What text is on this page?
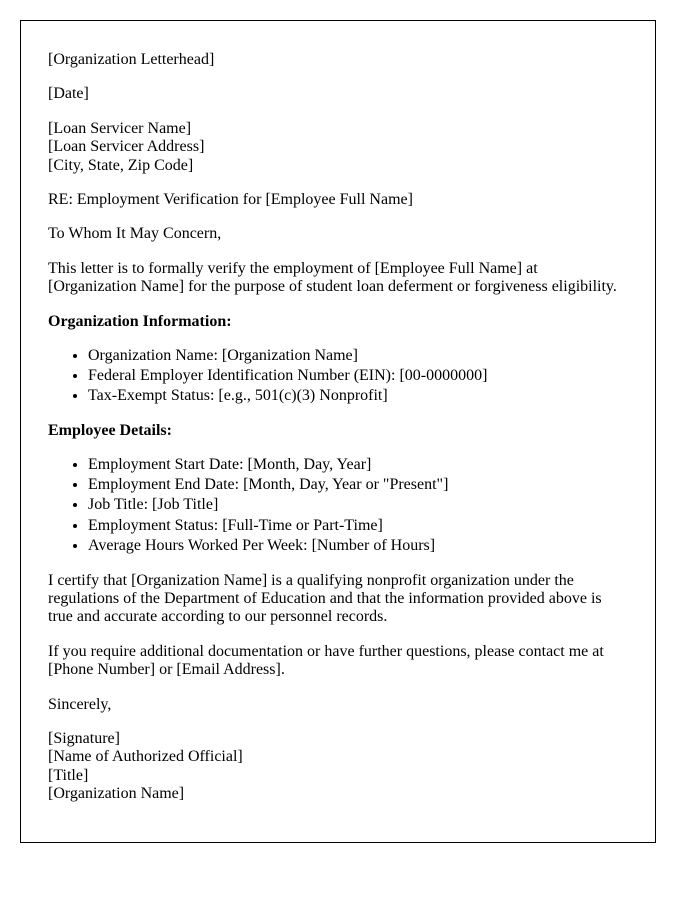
[Organization Letterhead]

[Date]

[Loan Servicer Name]
[Loan Servicer Address]
[City, State, Zip Code]

RE: Employment Verification for [Employee Full Name]

To Whom It May Concern,

This letter is to formally verify the employment of [Employee Full Name] at [Organization Name] for the purpose of student loan deferment or forgiveness eligibility.

Organization Information:

• Organization Name: [Organization Name]
• Federal Employer Identification Number (EIN): [00-0000000]
• Tax-Exempt Status: [e.g., 501(c)(3) Nonprofit]

Employee Details:

• Employment Start Date: [Month, Day, Year]
• Employment End Date: [Month, Day, Year or "Present"]
• Job Title: [Job Title]
• Employment Status: [Full-Time or Part-Time]
• Average Hours Worked Per Week: [Number of Hours]

I certify that [Organization Name] is a qualifying nonprofit organization under the regulations of the Department of Education and that the information provided above is true and accurate according to our personnel records.

If you require additional documentation or have further questions, please contact me at [Phone Number] or [Email Address].

Sincerely,

[Signature]
[Name of Authorized Official]
[Title]
[Organization Name]
